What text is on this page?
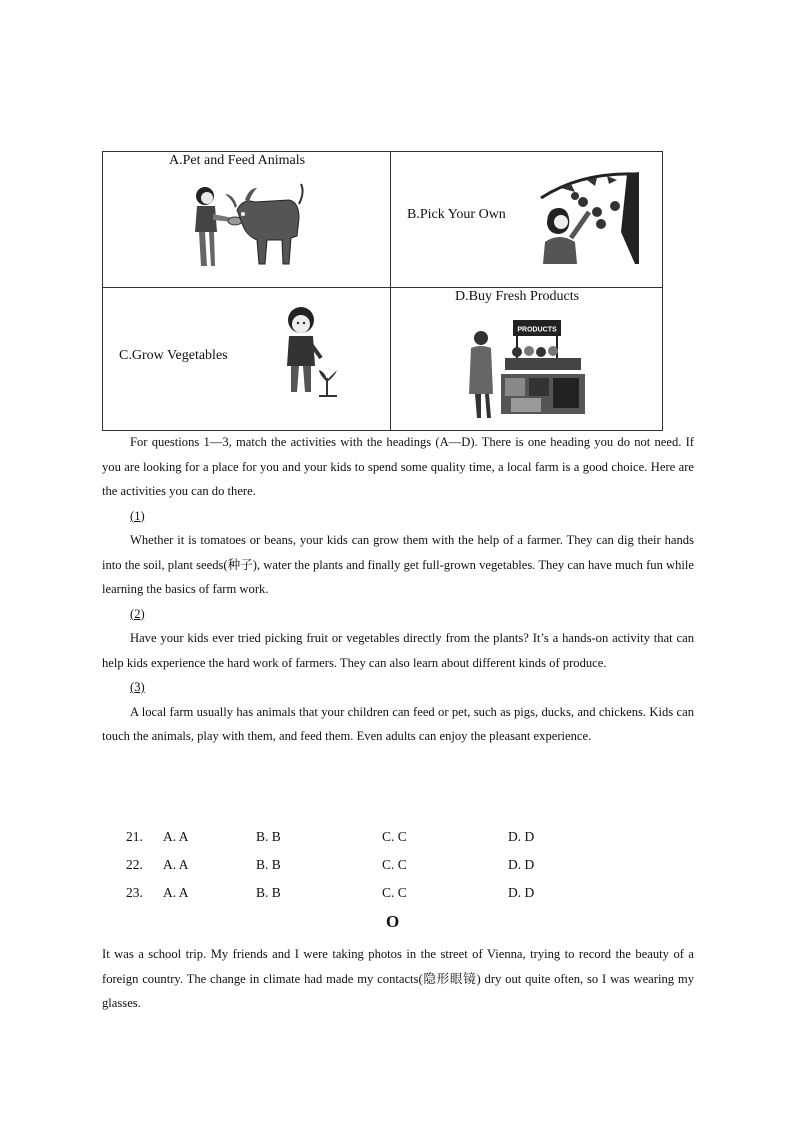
A.Pet and Feed Animals
B.Pick Your Own
C.Grow Vegetables
D.Buy Fresh Products
PRODUCTS

For questions 1—3, match the activities with the headings (A—D). There is one heading you do not need. If you are looking for a place for you and your kids to spend some quality time, a local farm is a good choice. Here are the activities you can do there.

(1)

Whether it is tomatoes or beans, your kids can grow them with the help of a farmer. They can dig their hands into the soil, plant seeds(种子), water the plants and finally get full-grown vegetables. They can have much fun while learning the basics of farm work.

(2)

Have your kids ever tried picking fruit or vegetables directly from the plants? It’s a hands-on activity that can help kids experience the hard work of farmers. They can also learn about different kinds of produce.

(3)

A local farm usually has animals that your children can feed or pet, such as pigs, ducks, and chickens. Kids can touch the animals, play with them, and feed them. Even adults can enjoy the pleasant experience.

21. A. A	B. B	C. C	D. D
22. A. A	B. B	C. C	D. D
23. A. A	B. B	C. C	D. D
O

It was a school trip. My friends and I were taking photos in the street of Vienna, trying to record the beauty of a foreign country. The change in climate had made my contacts(隐形眼镜) dry out quite often, so I was wearing my glasses.
